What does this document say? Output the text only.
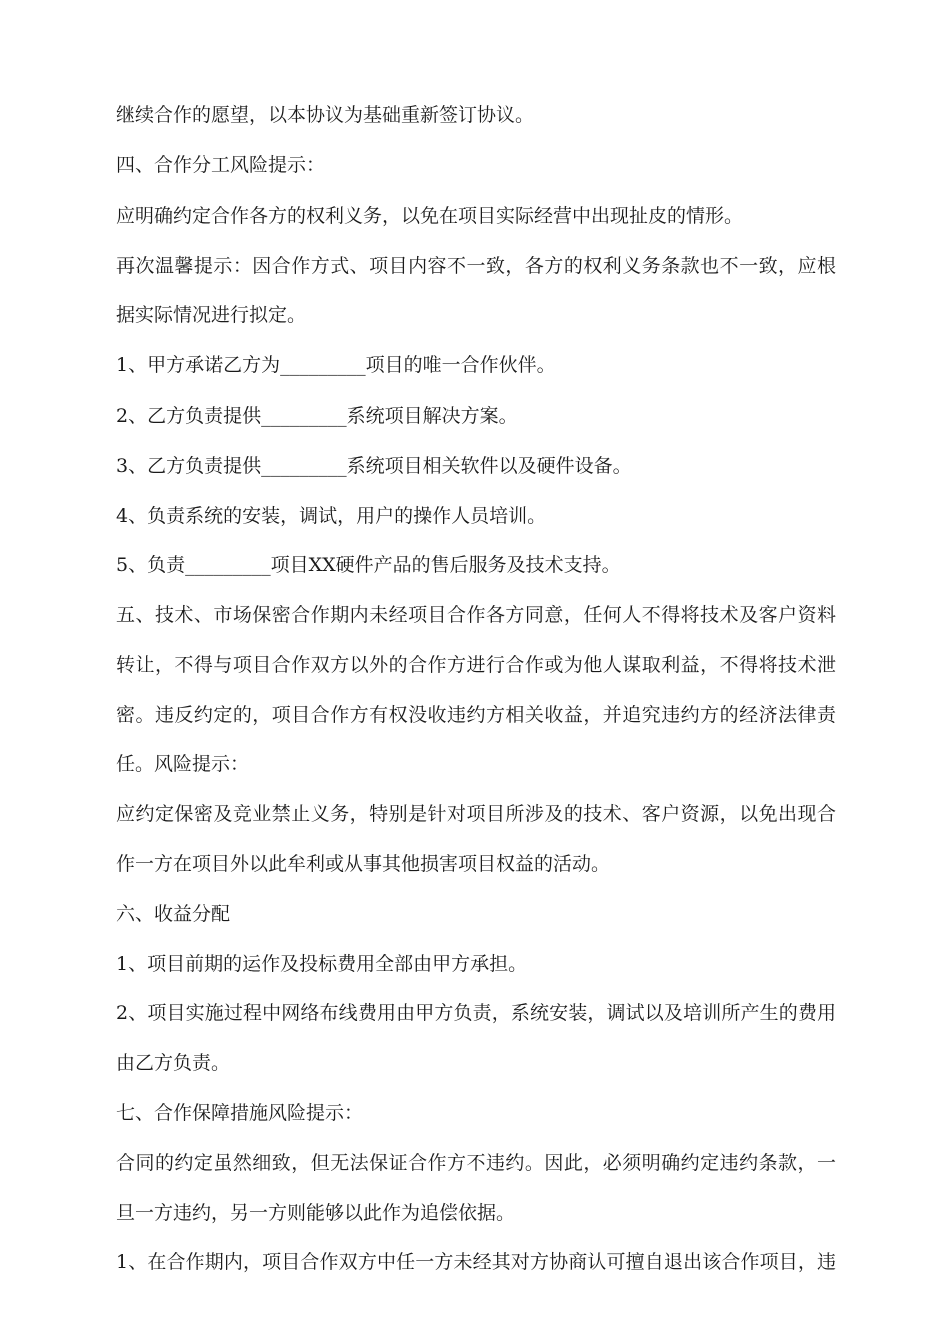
继续合作的愿望，以本协议为基础重新签订协议。
四、合作分工风险提示：
应明确约定合作各方的权利义务，以免在项目实际经营中出现扯皮的情形。
再次温馨提示：因合作方式、项目内容不一致，各方的权利义务条款也不一致，应根
据实际情况进行拟定。
1、甲方承诺乙方为_________项目的唯一合作伙伴。
2、乙方负责提供_________系统项目解决方案。
3、乙方负责提供_________系统项目相关软件以及硬件设备。
4、负责系统的安装，调试，用户的操作人员培训。
5、负责_________项目XX硬件产品的售后服务及技术支持。
五、技术、市场保密合作期内未经项目合作各方同意，任何人不得将技术及客户资料
转让，不得与项目合作双方以外的合作方进行合作或为他人谋取利益，不得将技术泄
密。违反约定的，项目合作方有权没收违约方相关收益，并追究违约方的经济法律责
任。风险提示：
应约定保密及竞业禁止义务，特别是针对项目所涉及的技术、客户资源，以免出现合
作一方在项目外以此牟利或从事其他损害项目权益的活动。
六、收益分配
1、项目前期的运作及投标费用全部由甲方承担。
2、项目实施过程中网络布线费用由甲方负责，系统安装，调试以及培训所产生的费用
由乙方负责。
七、合作保障措施风险提示：
合同的约定虽然细致，但无法保证合作方不违约。因此，必须明确约定违约条款，一
旦一方违约，另一方则能够以此作为追偿依据。
1、在合作期内，项目合作双方中任一方未经其对方协商认可擅自退出该合作项目，违
